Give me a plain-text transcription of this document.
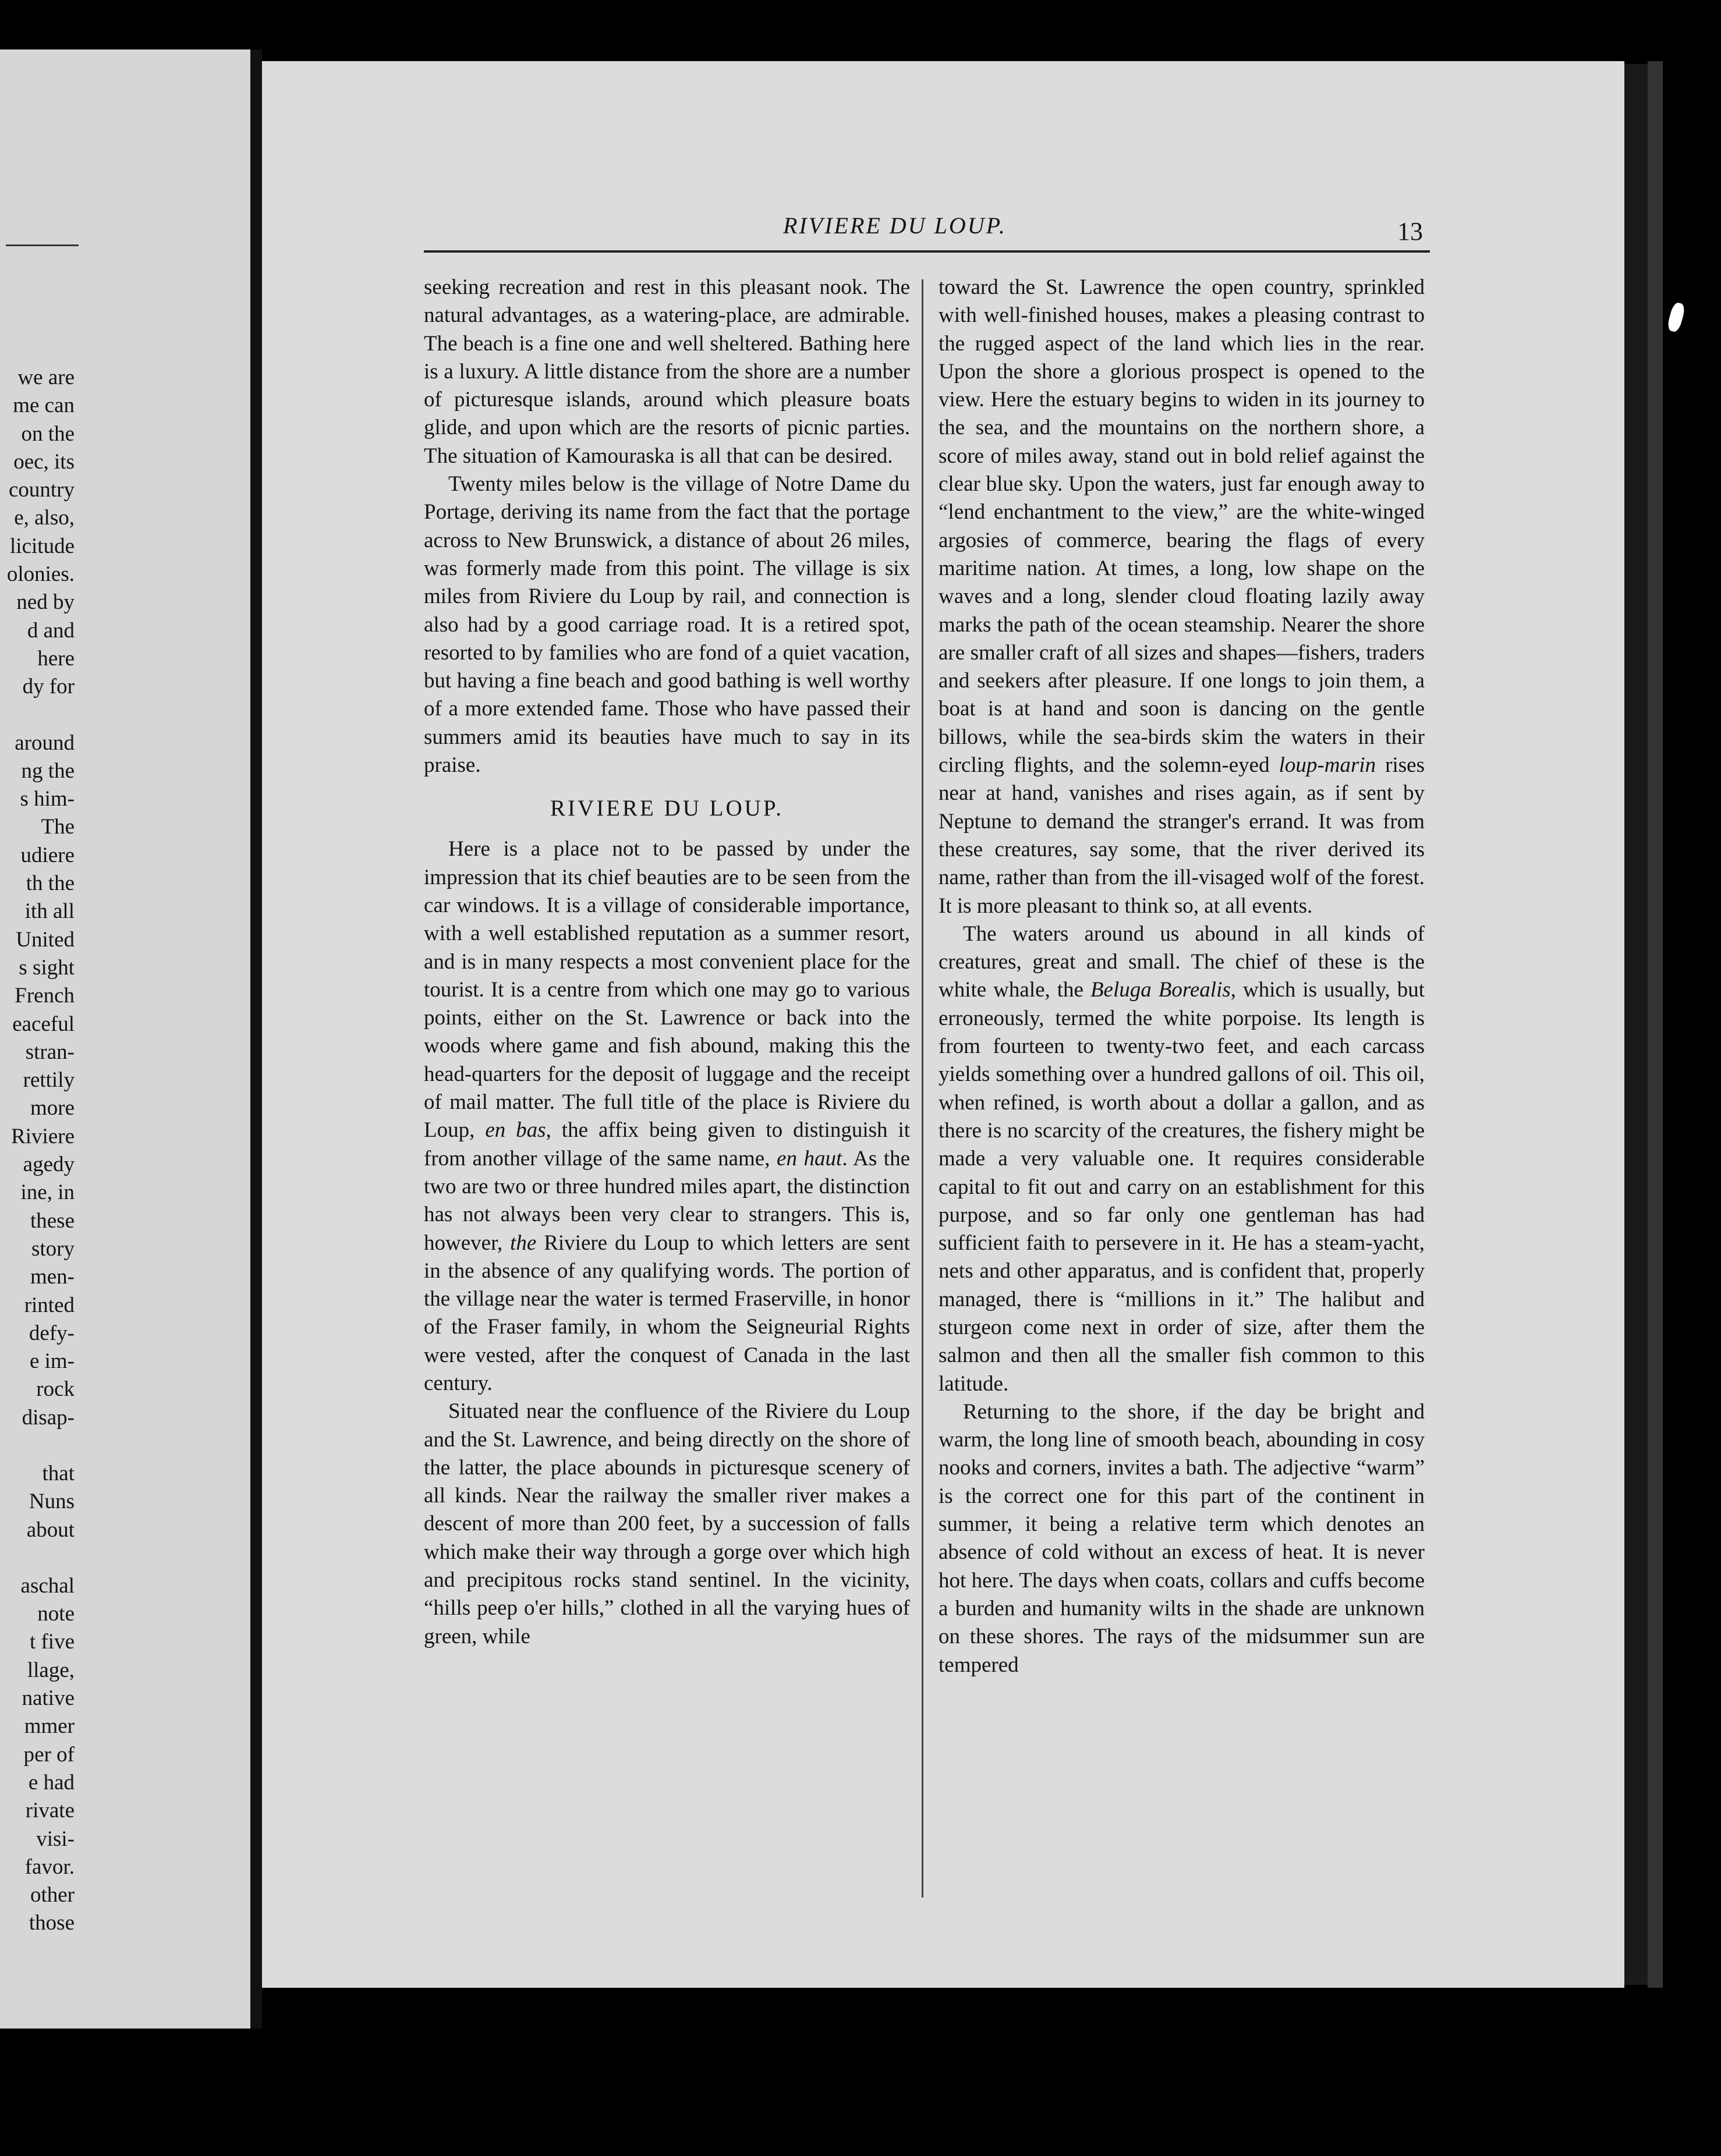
we are
me can
on the
oec, its
country
e, also,
licitude
olonies.
ned by
d and
here
dy for
around
ng the
s him-
The
udiere
th the
ith all
United
s sight
French
eaceful
stran-
rettily
more
Riviere
agedy
ine, in
these
story
men-
rinted
defy-
e im-
rock
disap-
that
Nuns
about
aschal
note
t five
llage,
native
mmer
per of
e had
rivate
visi-
favor.
other
those
RIVIERE DU LOUP.	13

seeking recreation and rest in this pleasant nook. The natural advantages, as a watering-place, are admirable. The beach is a fine one and well sheltered. Bathing here is a luxury. A little distance from the shore are a number of picturesque islands, around which pleasure boats glide, and upon which are the resorts of picnic parties. The situation of Kamouraska is all that can be desired.

Twenty miles below is the village of Notre Dame du Portage, deriving its name from the fact that the portage across to New Brunswick, a distance of about 26 miles, was formerly made from this point. The village is six miles from Riviere du Loup by rail, and connection is also had by a good carriage road. It is a retired spot, resorted to by families who are fond of a quiet vacation, but having a fine beach and good bathing is well worthy of a more extended fame. Those who have passed their summers amid its beauties have much to say in its praise.

RIVIERE DU LOUP.

Here is a place not to be passed by under the impression that its chief beauties are to be seen from the car windows. It is a village of considerable importance, with a well established reputation as a summer resort, and is in many respects a most convenient place for the tourist. It is a centre from which one may go to various points, either on the St. Lawrence or back into the woods where game and fish abound, making this the head-quarters for the deposit of luggage and the receipt of mail matter. The full title of the place is Riviere du Loup, en bas, the affix being given to distinguish it from another village of the same name, en haut. As the two are two or three hundred miles apart, the distinction has not always been very clear to strangers. This is, however, the Riviere du Loup to which letters are sent in the absence of any qualifying words. The portion of the village near the water is termed Fraserville, in honor of the Fraser family, in whom the Seigneurial Rights were vested, after the conquest of Canada in the last century.

Situated near the confluence of the Riviere du Loup and the St. Lawrence, and being directly on the shore of the latter, the place abounds in picturesque scenery of all kinds. Near the railway the smaller river makes a descent of more than 200 feet, by a succession of falls which make their way through a gorge over which high and precipitous rocks stand sentinel. In the vicinity, “hills peep o'er hills,” clothed in all the varying hues of green, while

toward the St. Lawrence the open country, sprinkled with well-finished houses, makes a pleasing contrast to the rugged aspect of the land which lies in the rear. Upon the shore a glorious prospect is opened to the view. Here the estuary begins to widen in its journey to the sea, and the mountains on the northern shore, a score of miles away, stand out in bold relief against the clear blue sky. Upon the waters, just far enough away to “lend enchantment to the view,” are the white-winged argosies of commerce, bearing the flags of every maritime nation. At times, a long, low shape on the waves and a long, slender cloud floating lazily away marks the path of the ocean steamship. Nearer the shore are smaller craft of all sizes and shapes—fishers, traders and seekers after pleasure. If one longs to join them, a boat is at hand and soon is dancing on the gentle billows, while the sea-birds skim the waters in their circling flights, and the solemn-eyed loup-marin rises near at hand, vanishes and rises again, as if sent by Neptune to demand the stranger's errand. It was from these creatures, say some, that the river derived its name, rather than from the ill-visaged wolf of the forest. It is more pleasant to think so, at all events.

The waters around us abound in all kinds of creatures, great and small. The chief of these is the white whale, the Beluga Borealis, which is usually, but erroneously, termed the white porpoise. Its length is from fourteen to twenty-two feet, and each carcass yields something over a hundred gallons of oil. This oil, when refined, is worth about a dollar a gallon, and as there is no scarcity of the creatures, the fishery might be made a very valuable one. It requires considerable capital to fit out and carry on an establishment for this purpose, and so far only one gentleman has had sufficient faith to persevere in it. He has a steam-yacht, nets and other apparatus, and is confident that, properly managed, there is “millions in it.” The halibut and sturgeon come next in order of size, after them the salmon and then all the smaller fish common to this latitude.

Returning to the shore, if the day be bright and warm, the long line of smooth beach, abounding in cosy nooks and corners, invites a bath. The adjective “warm” is the correct one for this part of the continent in summer, it being a relative term which denotes an absence of cold without an excess of heat. It is never hot here. The days when coats, collars and cuffs become a burden and humanity wilts in the shade are unknown on these shores. The rays of the midsummer sun are tempered
